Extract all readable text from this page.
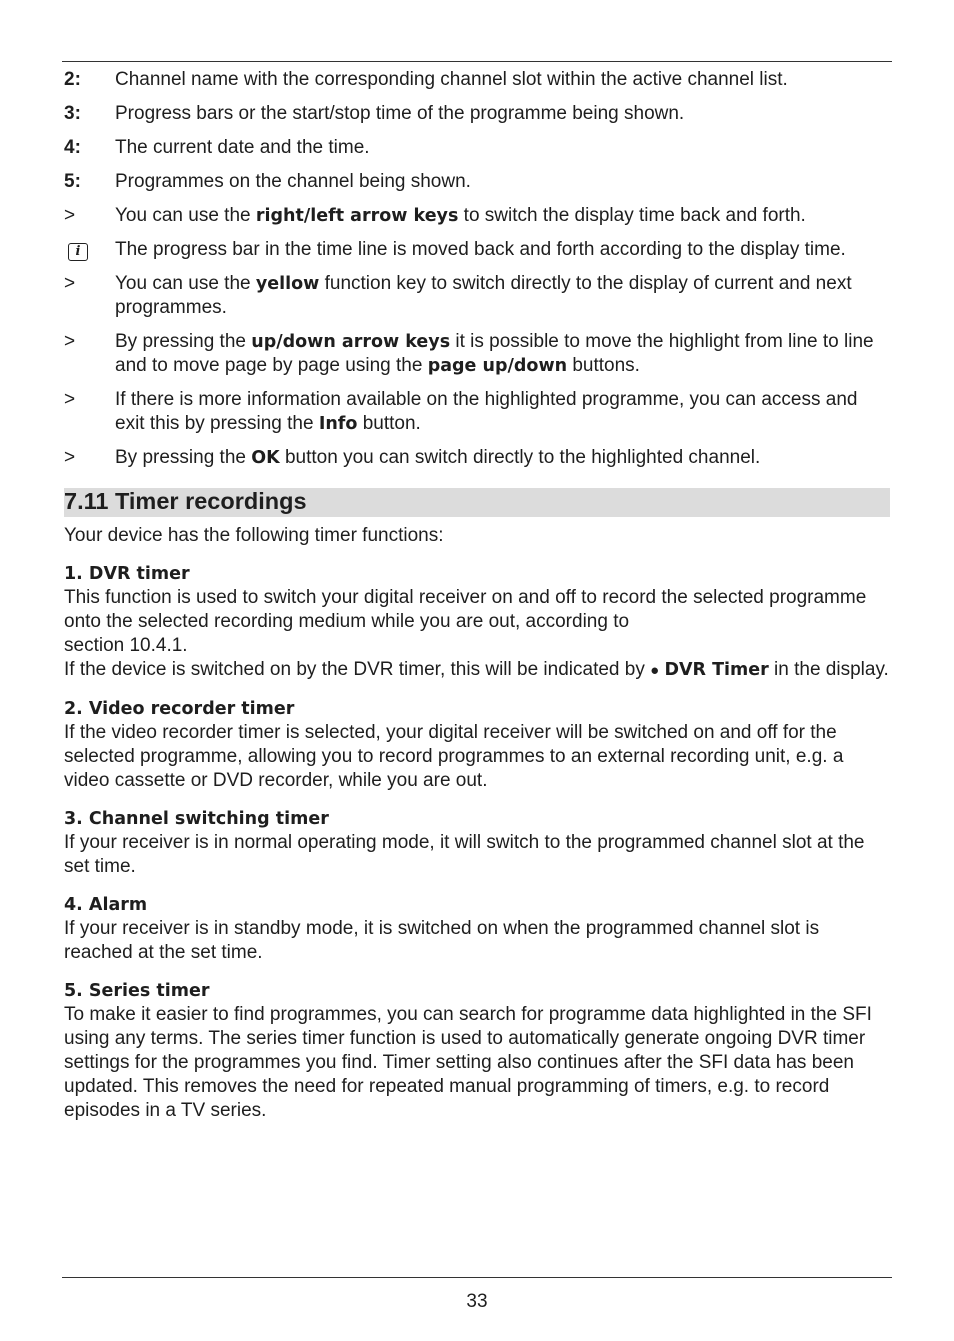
2:	Channel name with the corresponding channel slot within the active channel list.
3:	Progress bars or the start/stop time of the programme being shown.
4:	The current date and the time.
5:	Programmes on the channel being shown.
>	You can use the right/left arrow keys to switch the display time back and forth.
i	The progress bar in the time line is moved back and forth according to the display time.
>	You can use the yellow function key to switch directly to the display of current and next programmes.
>	By pressing the up/down arrow keys it is possible to move the highlight from line to line and to move page by page using the page up/down buttons.
>	If there is more information available on the highlighted programme, you can access and exit this by pressing the Info button.
>	By pressing the OK button you can switch directly to the highlighted channel.
7.11 Timer recordings
Your device has the following timer functions:
1. DVR timer

This function is used to switch your digital receiver on and off to record the selected programme onto the selected recording medium while you are out, according to

section 10.4.1.

If the device is switched on by the DVR timer, this will be indicated by ● DVR Timer in the display.

2. Video recorder timer

If the video recorder timer is selected, your digital receiver will be switched on and off for the selected programme, allowing you to record programmes to an external recording unit, e.g. a video cassette or DVD recorder, while you are out.

3. Channel switching timer

If your receiver is in normal operating mode, it will switch to the programmed channel slot at the set time.

4. Alarm

If your receiver is in standby mode, it is switched on when the programmed channel slot is reached at the set time.

5. Series timer

To make it easier to find programmes, you can search for programme data highlighted in the SFI using any terms. The series timer function is used to automatically generate ongoing DVR timer settings for the programmes you find. Timer setting also continues after the SFI data has been updated. This removes the need for repeated manual programming of timers, e.g. to record episodes in a TV series.

33
